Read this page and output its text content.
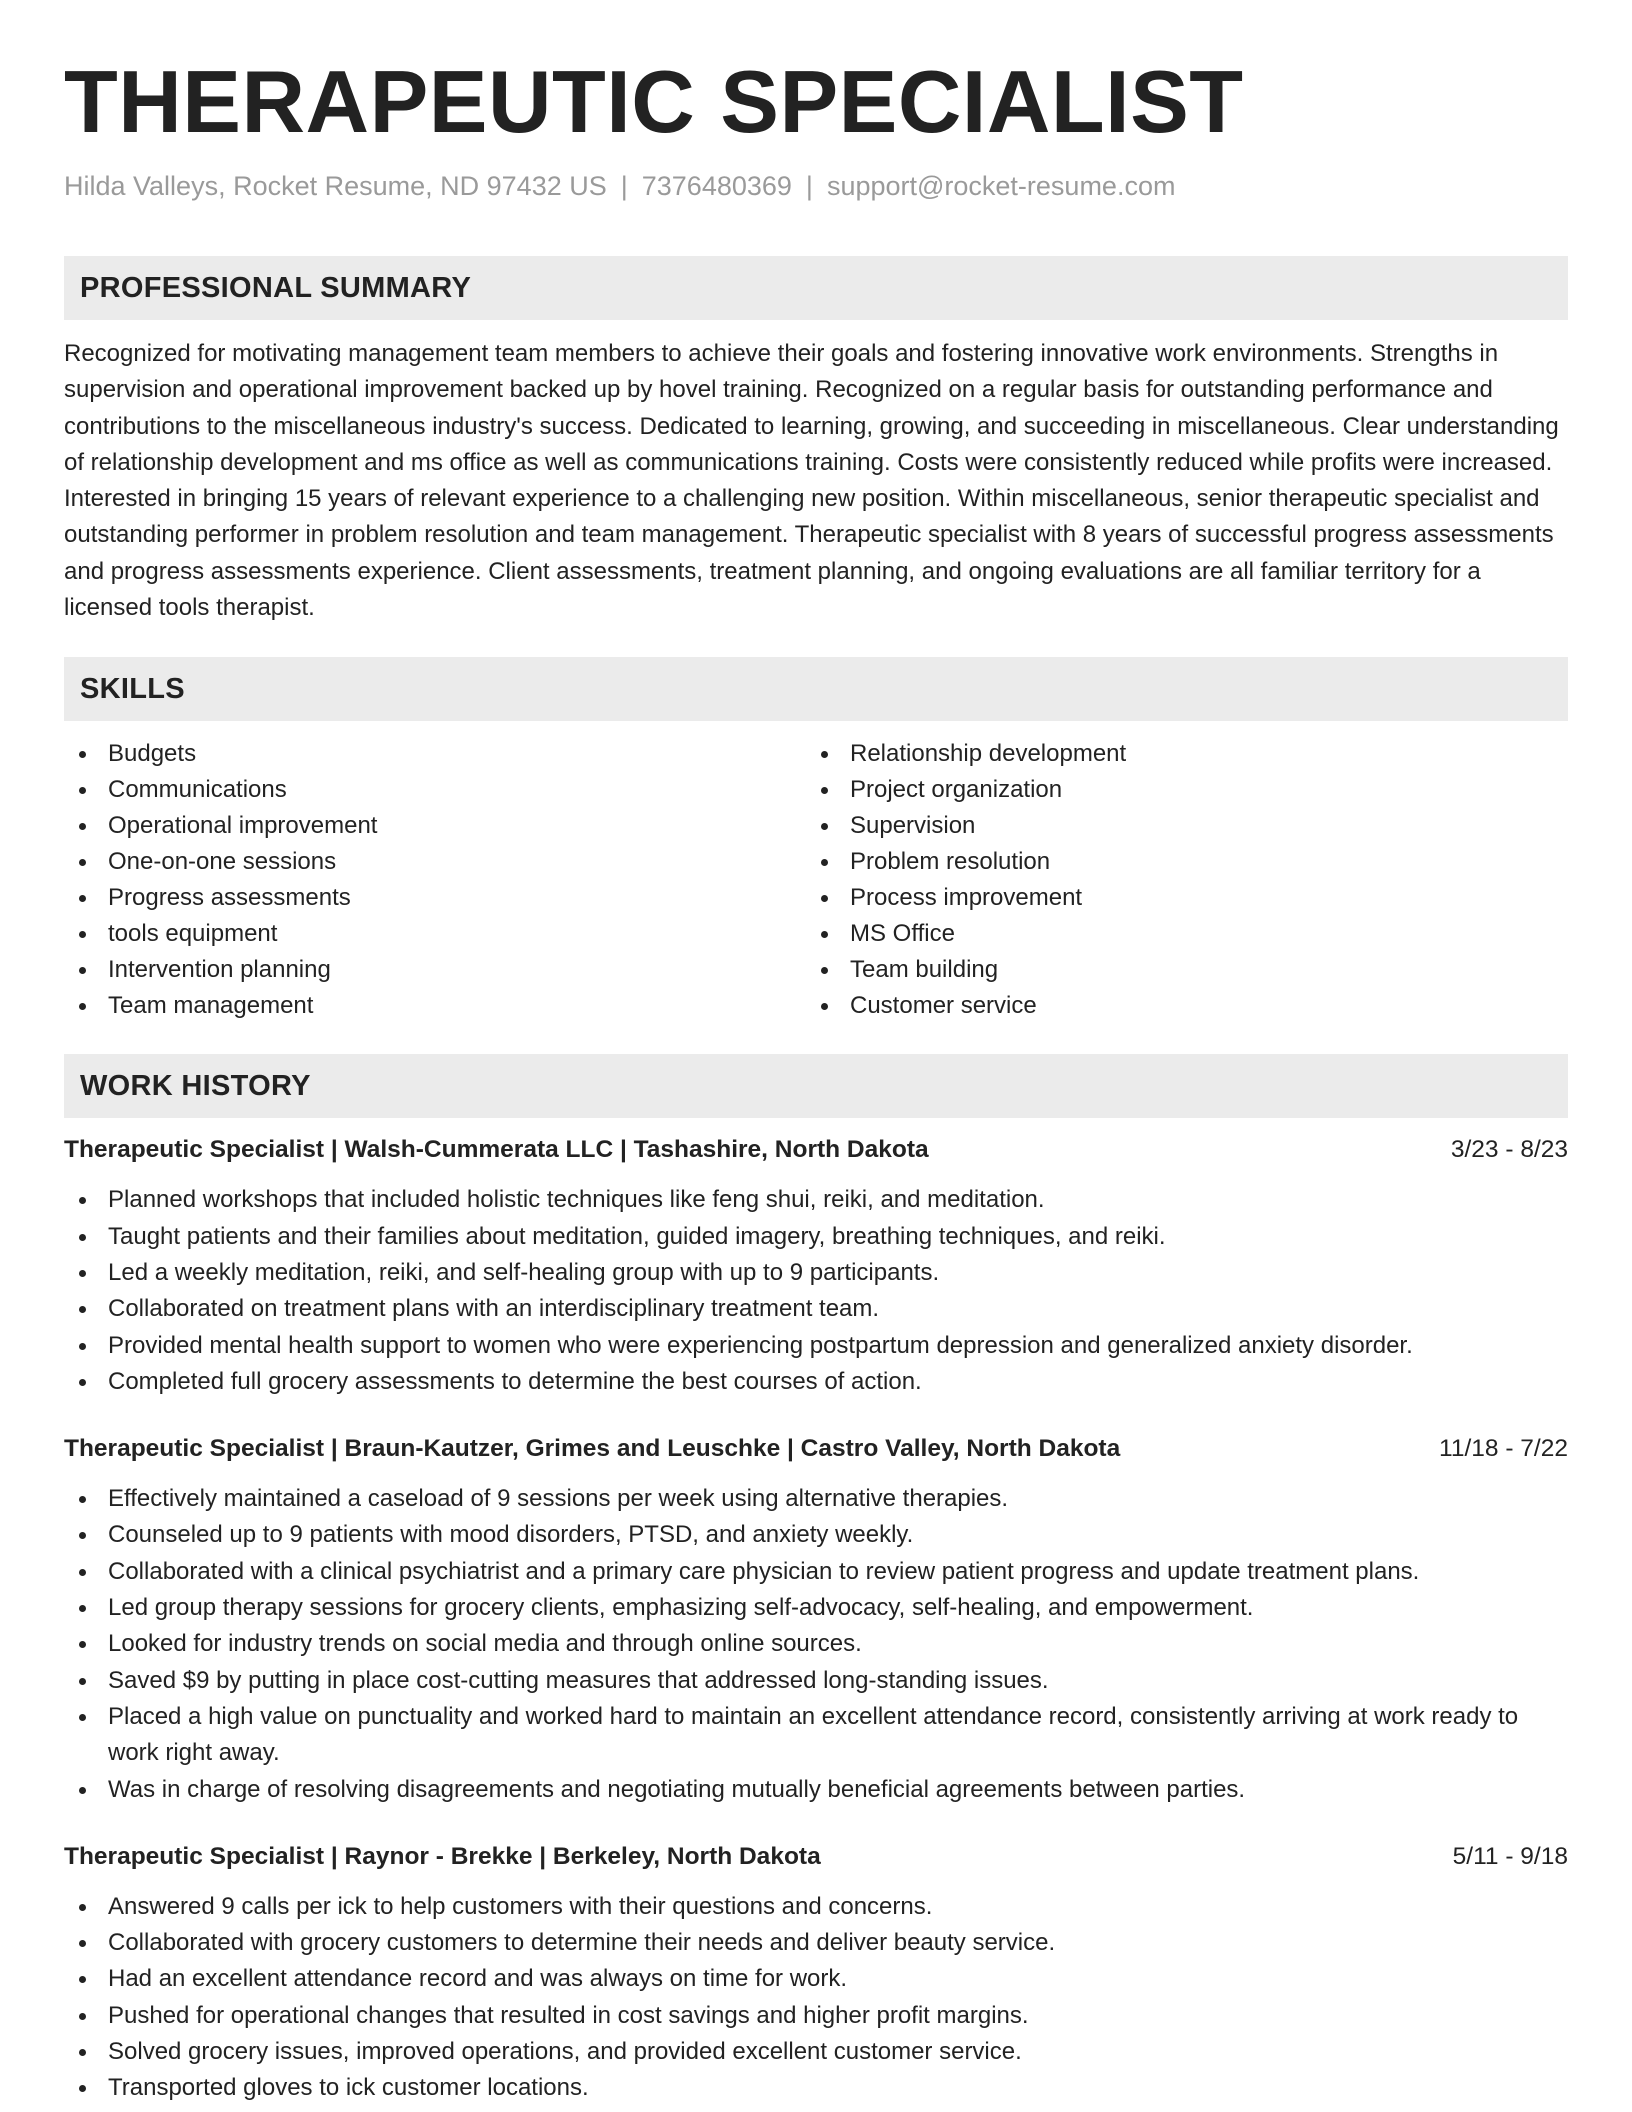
THERAPEUTIC SPECIALIST
Hilda Valleys, Rocket Resume, ND 97432 US | 7376480369 | support@rocket-resume.com
PROFESSIONAL SUMMARY

Recognized for motivating management team members to achieve their goals and fostering innovative work environments. Strengths in supervision and operational improvement backed up by hovel training. Recognized on a regular basis for outstanding performance and contributions to the miscellaneous industry's success. Dedicated to learning, growing, and succeeding in miscellaneous. Clear understanding of relationship development and ms office as well as communications training. Costs were consistently reduced while profits were increased. Interested in bringing 15 years of relevant experience to a challenging new position. Within miscellaneous, senior therapeutic specialist and outstanding performer in problem resolution and team management. Therapeutic specialist with 8 years of successful progress assessments and progress assessments experience. Client assessments, treatment planning, and ongoing evaluations are all familiar territory for a licensed tools therapist.

SKILLS
Budgets
Communications
Operational improvement
One-on-one sessions
Progress assessments
tools equipment
Intervention planning
Team management
Relationship development
Project organization
Supervision
Problem resolution
Process improvement
MS Office
Team building
Customer service
WORK HISTORY
Therapeutic Specialist | Walsh-Cummerata LLC | Tashashire, North Dakota	3/23 - 8/23
Planned workshops that included holistic techniques like feng shui, reiki, and meditation.
Taught patients and their families about meditation, guided imagery, breathing techniques, and reiki.
Led a weekly meditation, reiki, and self-healing group with up to 9 participants.
Collaborated on treatment plans with an interdisciplinary treatment team.
Provided mental health support to women who were experiencing postpartum depression and generalized anxiety disorder.
Completed full grocery assessments to determine the best courses of action.
Therapeutic Specialist | Braun-Kautzer, Grimes and Leuschke | Castro Valley, North Dakota	11/18 - 7/22
Effectively maintained a caseload of 9 sessions per week using alternative therapies.
Counseled up to 9 patients with mood disorders, PTSD, and anxiety weekly.
Collaborated with a clinical psychiatrist and a primary care physician to review patient progress and update treatment plans.
Led group therapy sessions for grocery clients, emphasizing self-advocacy, self-healing, and empowerment.
Looked for industry trends on social media and through online sources.
Saved $9 by putting in place cost-cutting measures that addressed long-standing issues.
Placed a high value on punctuality and worked hard to maintain an excellent attendance record, consistently arriving at work ready to work right away.
Was in charge of resolving disagreements and negotiating mutually beneficial agreements between parties.
Therapeutic Specialist | Raynor - Brekke | Berkeley, North Dakota	5/11 - 9/18
Answered 9 calls per ick to help customers with their questions and concerns.
Collaborated with grocery customers to determine their needs and deliver beauty service.
Had an excellent attendance record and was always on time for work.
Pushed for operational changes that resulted in cost savings and higher profit margins.
Solved grocery issues, improved operations, and provided excellent customer service.
Transported gloves to ick customer locations.
